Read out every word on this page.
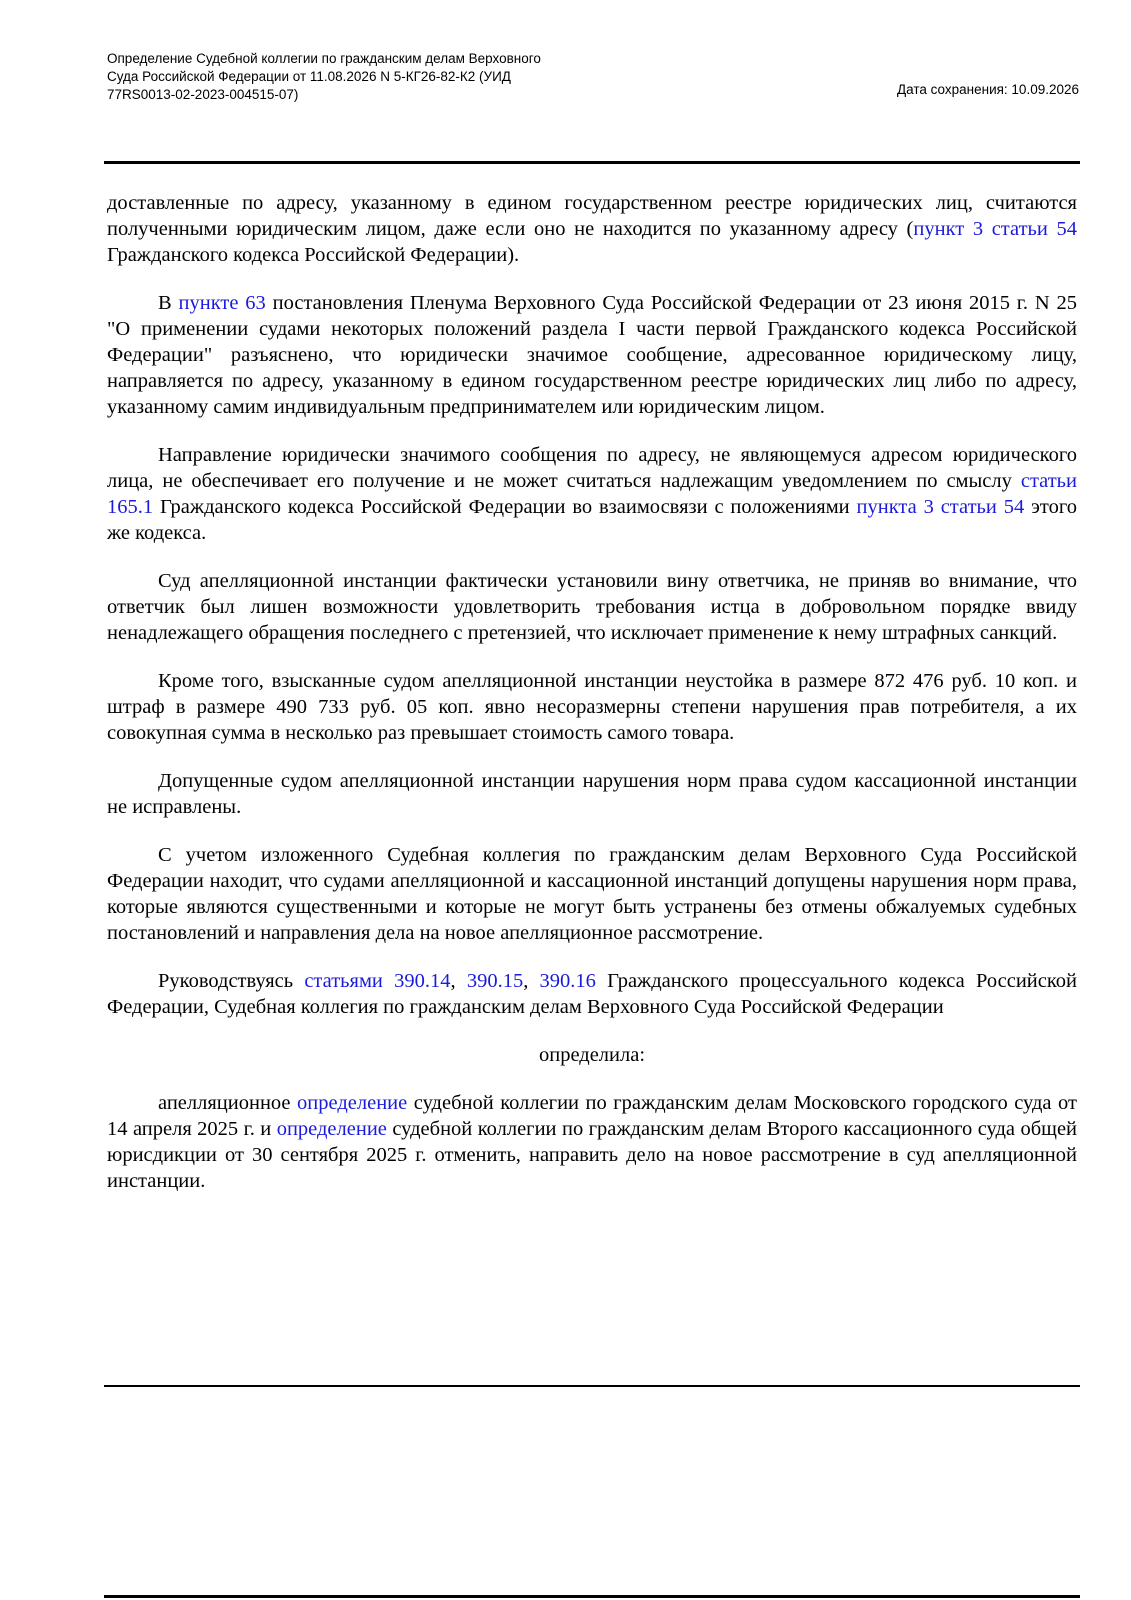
Определение Судебной коллегии по гражданским делам Верховного
Суда Российской Федерации от 11.08.2026 N 5-КГ26-82-К2 (УИД
77RS0013-02-2023-004515-07)	Дата сохранения: 10.09.2026

доставленные по адресу, указанному в едином государственном реестре юридических лиц, считаются полученными юридическим лицом, даже если оно не находится по указанному адресу (пункт 3 статьи 54 Гражданского кодекса Российской Федерации).

В пункте 63 постановления Пленума Верховного Суда Российской Федерации от 23 июня 2015 г. N 25 "О применении судами некоторых положений раздела I части первой Гражданского кодекса Российской Федерации" разъяснено, что юридически значимое сообщение, адресованное юридическому лицу, направляется по адресу, указанному в едином государственном реестре юридических лиц либо по адресу, указанному самим индивидуальным предпринимателем или юридическим лицом.

Направление юридически значимого сообщения по адресу, не являющемуся адресом юридического лица, не обеспечивает его получение и не может считаться надлежащим уведомлением по смыслу статьи 165.1 Гражданского кодекса Российской Федерации во взаимосвязи с положениями пункта 3 статьи 54 этого же кодекса.

Суд апелляционной инстанции фактически установили вину ответчика, не приняв во внимание, что ответчик был лишен возможности удовлетворить требования истца в добровольном порядке ввиду ненадлежащего обращения последнего с претензией, что исключает применение к нему штрафных санкций.

Кроме того, взысканные судом апелляционной инстанции неустойка в размере 872 476 руб. 10 коп. и штраф в размере 490 733 руб. 05 коп. явно несоразмерны степени нарушения прав потребителя, а их совокупная сумма в несколько раз превышает стоимость самого товара.

Допущенные судом апелляционной инстанции нарушения норм права судом кассационной инстанции не исправлены.

С учетом изложенного Судебная коллегия по гражданским делам Верховного Суда Российской Федерации находит, что судами апелляционной и кассационной инстанций допущены нарушения норм права, которые являются существенными и которые не могут быть устранены без отмены обжалуемых судебных постановлений и направления дела на новое апелляционное рассмотрение.

Руководствуясь статьями 390.14, 390.15, 390.16 Гражданского процессуального кодекса Российской Федерации, Судебная коллегия по гражданским делам Верховного Суда Российской Федерации

определила:

апелляционное определение судебной коллегии по гражданским делам Московского городского суда от 14 апреля 2025 г. и определение судебной коллегии по гражданским делам Второго кассационного суда общей юрисдикции от 30 сентября 2025 г. отменить, направить дело на новое рассмотрение в суд апелляционной инстанции.
